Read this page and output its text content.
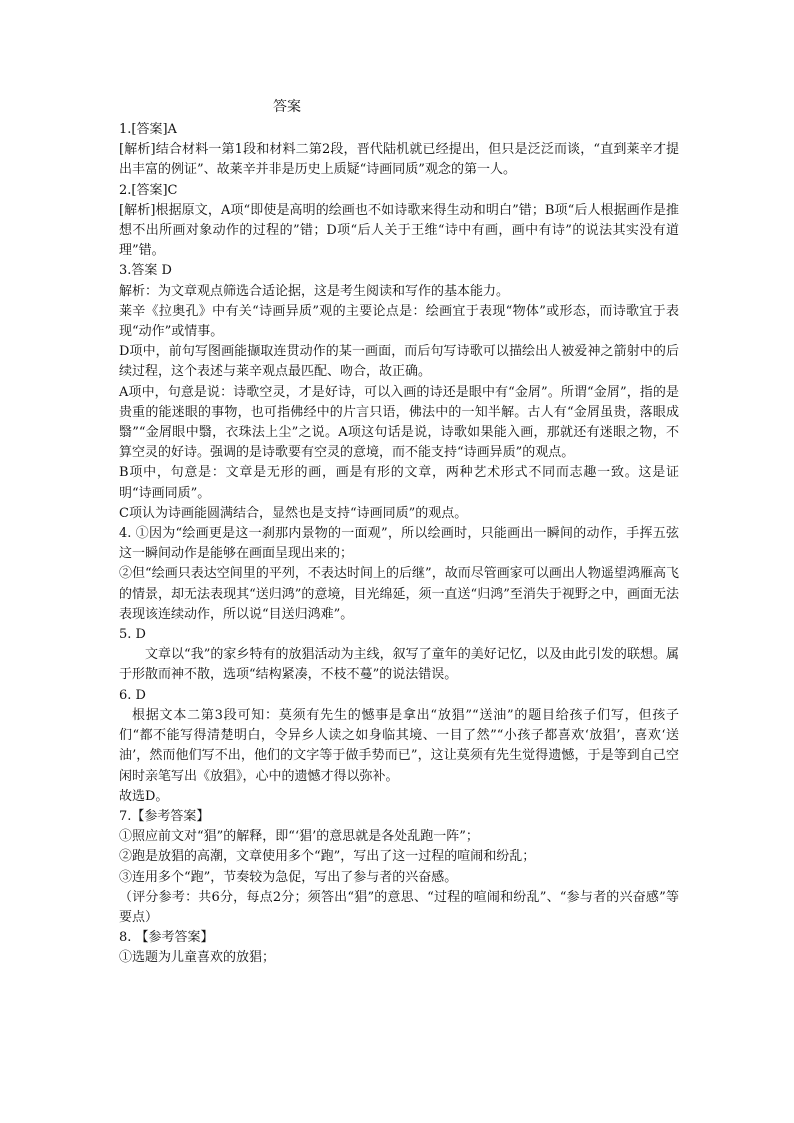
答案

1.[答案]A

[解析]结合材料一第1段和材料二第2段，晋代陆机就已经提出，但只是泛泛而谈，“直到莱辛才提出丰富的例证”、故莱辛并非是历史上质疑“诗画同质”观念的第一人。

2.[答案]C

[解析]根据原文，A项“即使是高明的绘画也不如诗歌来得生动和明白”错；B项“后人根据画作是推想不出所画对象动作的过程的”错；D项“后人关于王维“诗中有画，画中有诗”的说法其实没有道理”错。

3.答案 D

解析：为文章观点筛选合适论据，这是考生阅读和写作的基本能力。

莱辛《拉奥孔》中有关“诗画异质”观的主要论点是：绘画宜于表现“物体”或形态，而诗歌宜于表现“动作”或情事。

D项中，前句写图画能撷取连贯动作的某一画面，而后句写诗歌可以描绘出人被爱神之箭射中的后续过程，这个表述与莱辛观点最匹配、吻合，故正确。

A项中，句意是说：诗歌空灵，才是好诗，可以入画的诗还是眼中有“金屑”。所谓“金屑”，指的是贵重的能迷眼的事物，也可指佛经中的片言只语，佛法中的一知半解。古人有“金屑虽贵，落眼成翳”“金屑眼中翳，衣珠法上尘”之说。A项这句话是说，诗歌如果能入画，那就还有迷眼之物，不算空灵的好诗。强调的是诗歌要有空灵的意境，而不能支持“诗画异质”的观点。

B项中，句意是：文章是无形的画，画是有形的文章，两种艺术形式不同而志趣一致。这是证明“诗画同质”。

C项认为诗画能圆满结合，显然也是支持“诗画同质”的观点。

4. ①因为“绘画更是这一刹那内景物的一面观”，所以绘画时，只能画出一瞬间的动作，手挥五弦这一瞬间动作是能够在画面呈现出来的；

②但“绘画只表达空间里的平列，不表达时间上的后继”，故而尽管画家可以画出人物遥望鸿雁高飞的情景，却无法表现其“送归鸿”的意境，目光绵延，须一直送“归鸿”至消失于视野之中，画面无法表现该连续动作，所以说“目送归鸿难”。

5. D

文章以“我”的家乡特有的放猖活动为主线，叙写了童年的美好记忆，以及由此引发的联想。属于形散而神不散，选项“结构紧凑，不枝不蔓”的说法错误。

6. D

根据文本二第3段可知：莫须有先生的憾事是拿出“放猖”“送油”的题目给孩子们写，但孩子们“都不能写得清楚明白，令异乡人读之如身临其境、一目了然”“小孩子都喜欢‘放猖’，喜欢‘送油’，然而他们写不出，他们的文字等于做手势而已”，这让莫须有先生觉得遗憾，于是等到自己空闲时亲笔写出《放猖》，心中的遗憾才得以弥补。

故选D。

7.【参考答案】

①照应前文对“猖”的解释，即“‘猖’的意思就是各处乱跑一阵”；

②跑是放猖的高潮，文章使用多个“跑”，写出了这一过程的喧闹和纷乱；

③连用多个“跑”，节奏较为急促，写出了参与者的兴奋感。

（评分参考：共6分，每点2分；须答出“猖”的意思、“过程的喧闹和纷乱”、“参与者的兴奋感”等要点）

8. 【参考答案】

①选题为儿童喜欢的放猖；
